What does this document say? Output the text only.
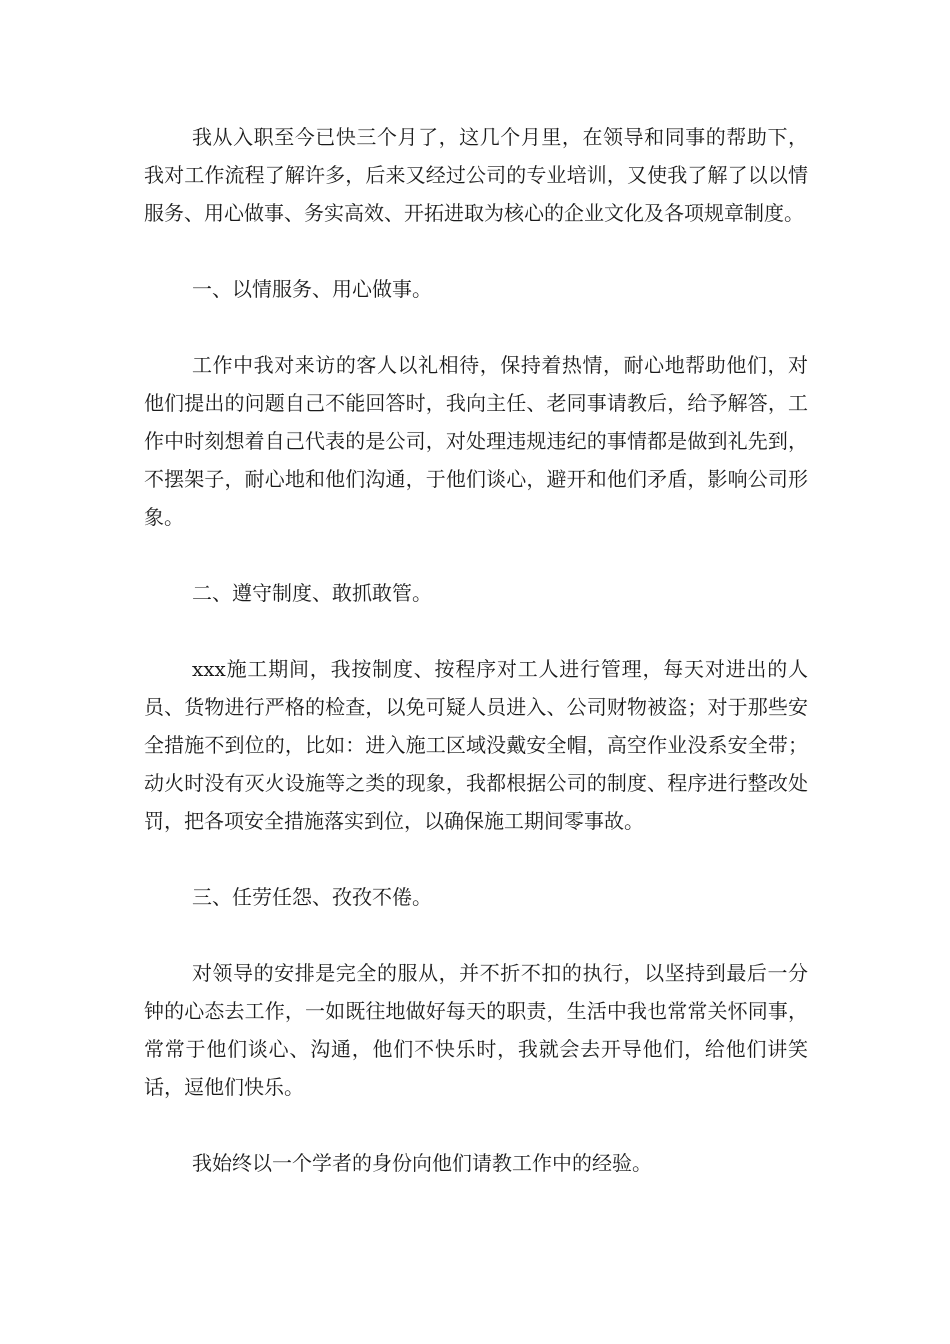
我从入职至今已快三个月了，这几个月里，在领导和同事的帮助下，我对工作流程了解许多，后来又经过公司的专业培训，又使我了解了以以情服务、用心做事、务实高效、开拓进取为核心的企业文化及各项规章制度。

一、以情服务、用心做事。

工作中我对来访的客人以礼相待，保持着热情，耐心地帮助他们，对他们提出的问题自己不能回答时，我向主任、老同事请教后，给予解答，工作中时刻想着自己代表的是公司，对处理违规违纪的事情都是做到礼先到，不摆架子，耐心地和他们沟通，于他们谈心，避开和他们矛盾，影响公司形象。

二、遵守制度、敢抓敢管。

xxx施工期间，我按制度、按程序对工人进行管理，每天对进出的人员、货物进行严格的检查，以免可疑人员进入、公司财物被盗；对于那些安全措施不到位的，比如：进入施工区域没戴安全帽，高空作业没系安全带；动火时没有灭火设施等之类的现象，我都根据公司的制度、程序进行整改处罚，把各项安全措施落实到位，以确保施工期间零事故。

三、任劳任怨、孜孜不倦。

对领导的安排是完全的服从，并不折不扣的执行，以坚持到最后一分钟的心态去工作，一如既往地做好每天的职责，生活中我也常常关怀同事，常常于他们谈心、沟通，他们不快乐时，我就会去开导他们，给他们讲笑话，逗他们快乐。

我始终以一个学者的身份向他们请教工作中的经验。
